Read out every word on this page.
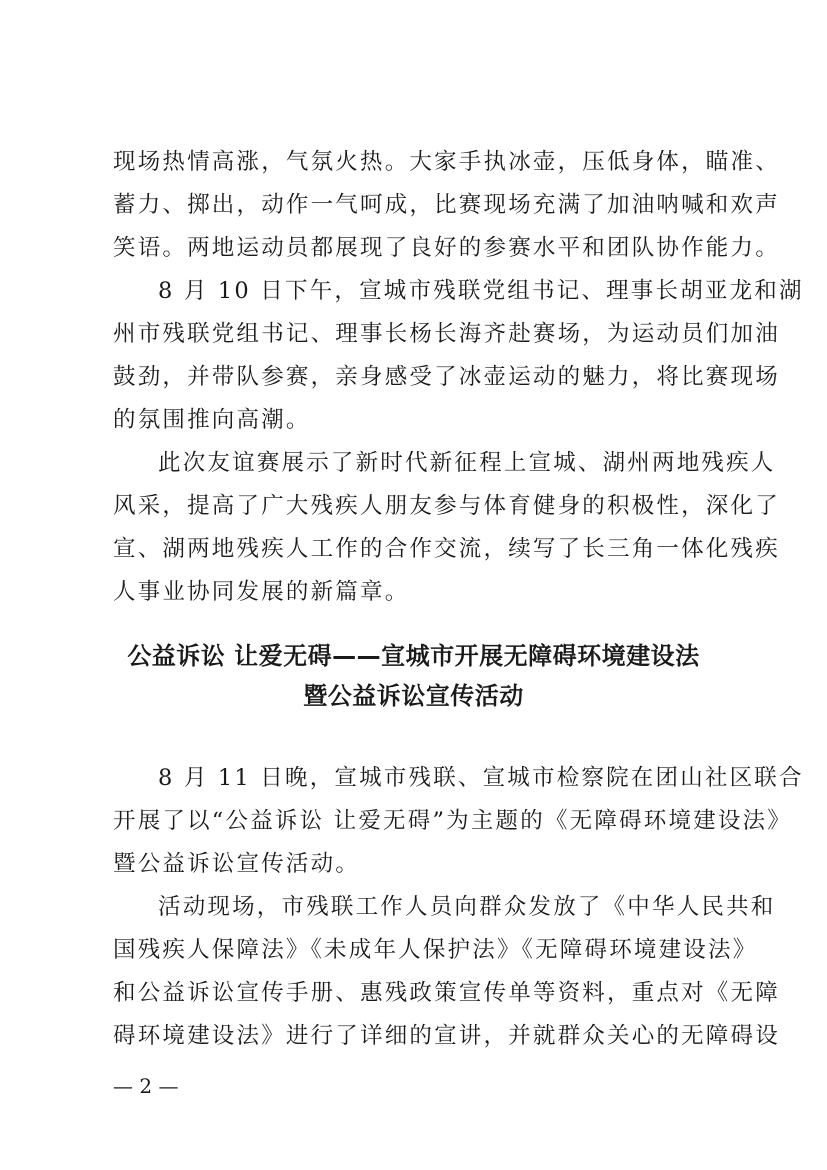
现场热情高涨，气氛火热。大家手执冰壶，压低身体，瞄准、
蓄力、掷出，动作一气呵成，比赛现场充满了加油呐喊和欢声
笑语。两地运动员都展现了良好的参赛水平和团队协作能力。
8 月 10 日下午，宣城市残联党组书记、理事长胡亚龙和湖
州市残联党组书记、理事长杨长海齐赴赛场，为运动员们加油
鼓劲，并带队参赛，亲身感受了冰壶运动的魅力，将比赛现场
的氛围推向高潮。
此次友谊赛展示了新时代新征程上宣城、湖州两地残疾人
风采，提高了广大残疾人朋友参与体育健身的积极性，深化了
宣、湖两地残疾人工作的合作交流，续写了长三角一体化残疾
人事业协同发展的新篇章。
公益诉讼 让爱无碍——宣城市开展无障碍环境建设法
暨公益诉讼宣传活动
8 月 11 日晚，宣城市残联、宣城市检察院在团山社区联合
开展了以“公益诉讼 让爱无碍”为主题的《无障碍环境建设法》
暨公益诉讼宣传活动。
活动现场，市残联工作人员向群众发放了《中华人民共和
国残疾人保障法》《未成年人保护法》《无障碍环境建设法》
和公益诉讼宣传手册、惠残政策宣传单等资料，重点对《无障
碍环境建设法》进行了详细的宣讲，并就群众关心的无障碍设
— 2 —
